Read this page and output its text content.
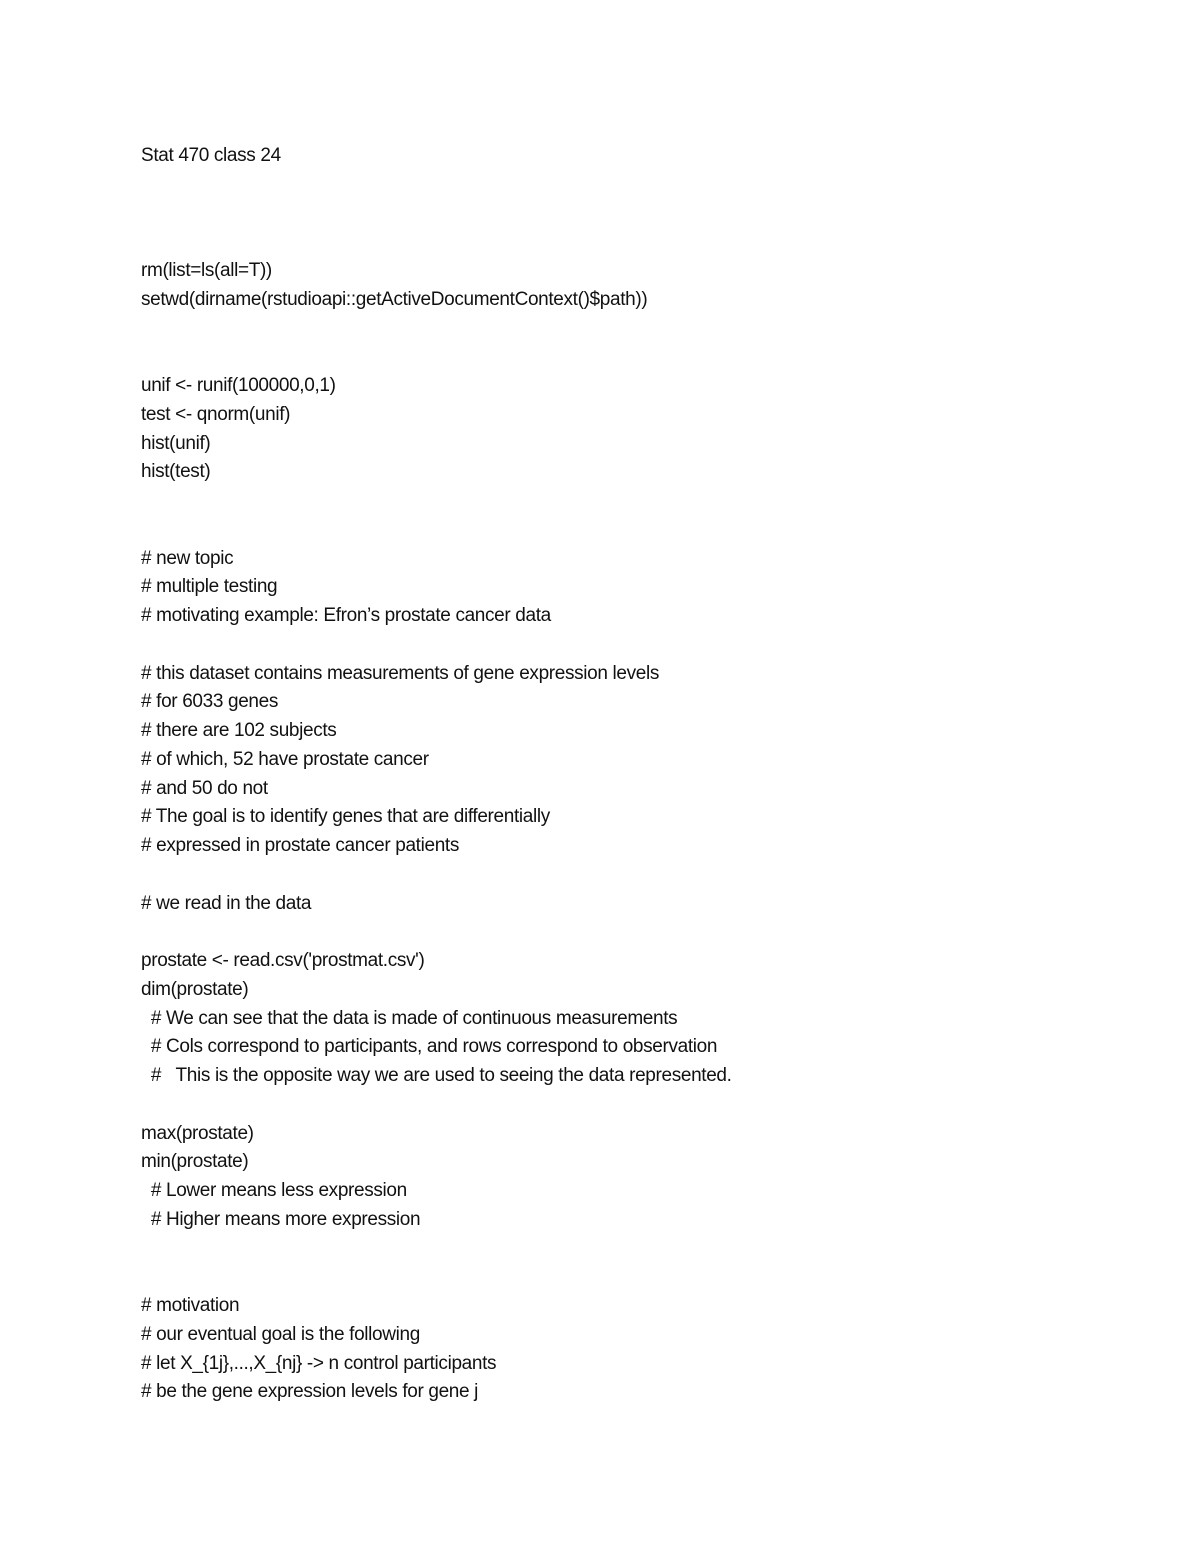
Stat 470 class 24
rm(list=ls(all=T))
setwd(dirname(rstudioapi::getActiveDocumentContext()$path))
unif <- runif(100000,0,1)
test <- qnorm(unif)
hist(unif)
hist(test)
# new topic
# multiple testing
# motivating example: Efron’s prostate cancer data
# this dataset contains measurements of gene expression levels
# for 6033 genes
# there are 102 subjects
# of which, 52 have prostate cancer
# and 50 do not
# The goal is to identify genes that are differentially
# expressed in prostate cancer patients
# we read in the data
prostate <- read.csv('prostmat.csv')
dim(prostate)
# We can see that the data is made of continuous measurements
# Cols correspond to participants, and rows correspond to observation
#   This is the opposite way we are used to seeing the data represented.
max(prostate)
min(prostate)
# Lower means less expression
# Higher means more expression
# motivation
# our eventual goal is the following
# let X_{1j},...,X_{nj} -> n control participants
# be the gene expression levels for gene j
